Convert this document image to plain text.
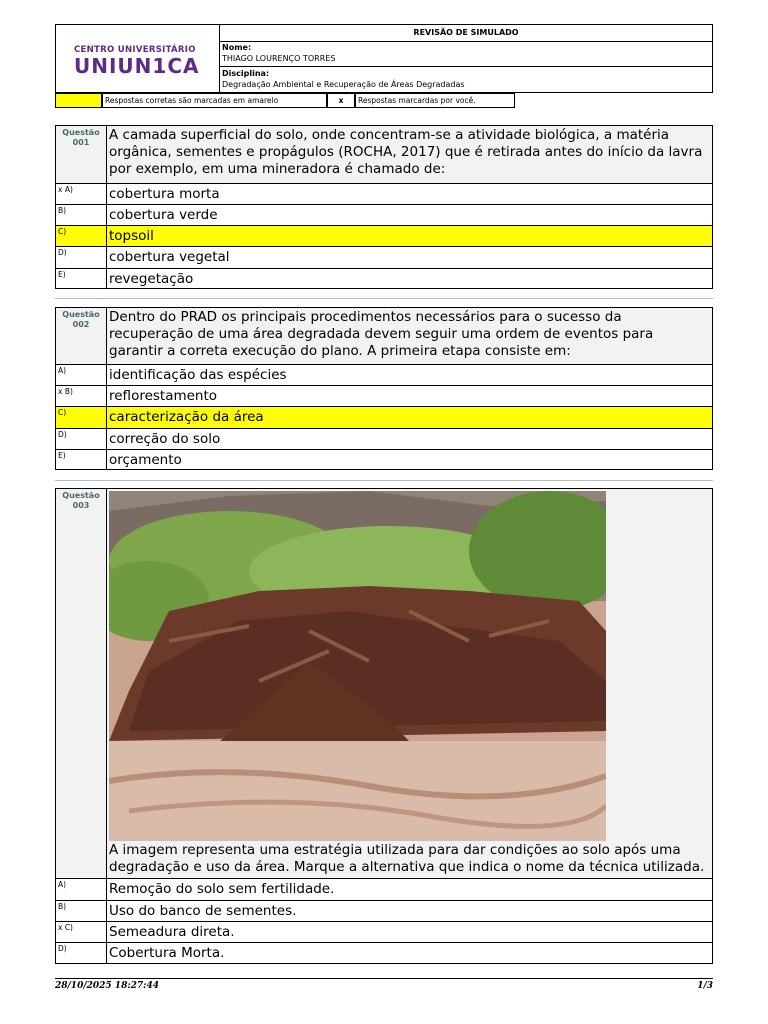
CENTRO UNIVERSITÁRIO
UNIUN1CA
REVISÃO DE SIMULADO
Nome:
THIAGO LOURENÇO TORRES
Disciplina:
Degradação Ambiental e Recuperação de Áreas Degradadas
Respostas corretas são marcadas em amarelo	x	Respostas marcardas por você.
Questão
001	A camada superficial do solo, onde concentram-se a atividade biológica, a matéria orgânica, sementes e propágulos (ROCHA, 2017) que é retirada antes do início da lavra por exemplo, em uma mineradora é chamado de:
x A)	cobertura morta
B)	cobertura verde
C)	topsoil
D)	cobertura vegetal
E)	revegetação
Questão
002	Dentro do PRAD os principais procedimentos necessários para o sucesso da recuperação de uma área degradada devem seguir uma ordem de eventos para garantir a correta execução do plano. A primeira etapa consiste em:
A)	identificação das espécies
x B)	reflorestamento
C)	caracterização da área
D)	correção do solo
E)	orçamento
Questão
003
A imagem representa uma estratégia utilizada para dar condições ao solo após uma degradação e uso da área. Marque a alternativa que indica o nome da técnica utilizada.
A)	Remoção do solo sem fertilidade.
B)	Uso do banco de sementes.
x C)	Semeadura direta.
D)	Cobertura Morta.
28/10/2025 18:27:44	1/3
